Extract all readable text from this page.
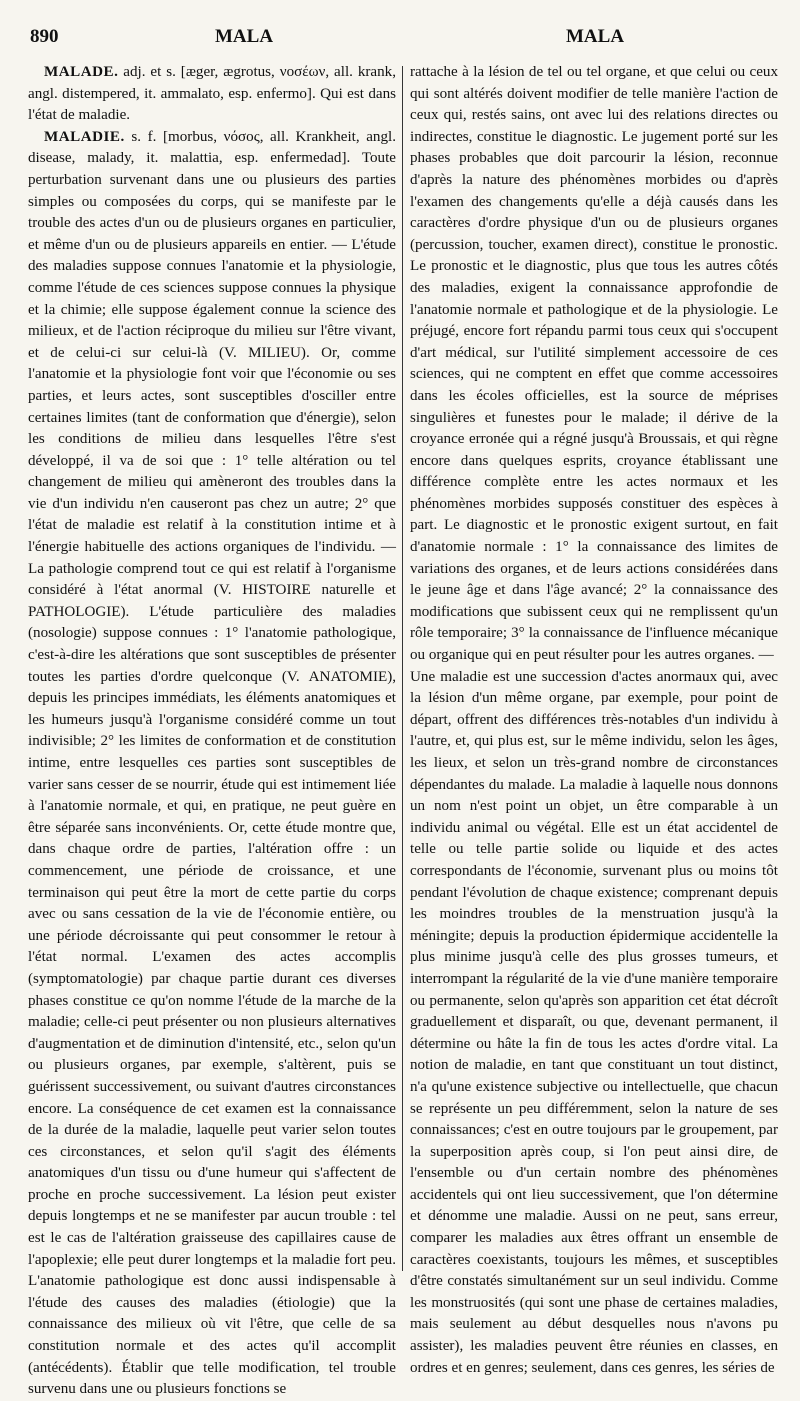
890	MALA	MALA

MALADE. adj. et s. [æger, ægrotus, νοσέων, all. krank, angl. distempered, it. ammalato, esp. enfermo]. Qui est dans l'état de maladie.

MALADIE. s. f. [morbus, νόσος, all. Krankheit, angl. disease, malady, it. malattia, esp. enfermedad]. Toute perturbation survenant dans une ou plusieurs des parties simples ou composées du corps, qui se manifeste par le trouble des actes d'un ou de plusieurs organes en particulier, et même d'un ou de plusieurs appareils en entier. — L'étude des maladies suppose connues l'anatomie et la physiologie, comme l'étude de ces sciences suppose connues la physique et la chimie; elle suppose également connue la science des milieux, et de l'action réciproque du milieu sur l'être vivant, et de celui-ci sur celui-là (V. MILIEU). Or, comme l'anatomie et la physiologie font voir que l'économie ou ses parties, et leurs actes, sont susceptibles d'osciller entre certaines limites (tant de conformation que d'énergie), selon les conditions de milieu dans lesquelles l'être s'est développé, il va de soi que : 1° telle altération ou tel changement de milieu qui amèneront des troubles dans la vie d'un individu n'en causeront pas chez un autre; 2° que l'état de maladie est relatif à la constitution intime et à l'énergie habituelle des actions organiques de l'individu. — La pathologie comprend tout ce qui est relatif à l'organisme considéré à l'état anormal (V. HISTOIRE naturelle et PATHOLOGIE). L'étude particulière des maladies (nosologie) suppose connues : 1° l'anatomie pathologique, c'est-à-dire les altérations que sont susceptibles de présenter toutes les parties d'ordre quelconque (V. ANATOMIE), depuis les principes immédiats, les éléments anatomiques et les humeurs jusqu'à l'organisme considéré comme un tout indivisible; 2° les limites de conformation et de constitution intime, entre lesquelles ces parties sont susceptibles de varier sans cesser de se nourrir, étude qui est intimement liée à l'anatomie normale, et qui, en pratique, ne peut guère en être séparée sans inconvénients. Or, cette étude montre que, dans chaque ordre de parties, l'altération offre : un commencement, une période de croissance, et une terminaison qui peut être la mort de cette partie du corps avec ou sans cessation de la vie de l'économie entière, ou une période décroissante qui peut consommer le retour à l'état normal. L'examen des actes accomplis (symptomatologie) par chaque partie durant ces diverses phases constitue ce qu'on nomme l'étude de la marche de la maladie; celle-ci peut présenter ou non plusieurs alternatives d'augmentation et de diminution d'intensité, etc., selon qu'un ou plusieurs organes, par exemple, s'altèrent, puis se guérissent successivement, ou suivant d'autres circonstances encore. La conséquence de cet examen est la connaissance de la durée de la maladie, laquelle peut varier selon toutes ces circonstances, et selon qu'il s'agit des éléments anatomiques d'un tissu ou d'une humeur qui s'affectent de proche en proche successivement. La lésion peut exister depuis longtemps et ne se manifester par aucun trouble : tel est le cas de l'altération graisseuse des capillaires cause de l'apoplexie; elle peut durer longtemps et la maladie fort peu. L'anatomie pathologique est donc aussi indispensable à l'étude des causes des maladies (étiologie) que la connaissance des milieux où vit l'être, que celle de sa constitution normale et des actes qu'il accomplit (antécédents). Établir que telle modification, tel trouble survenu dans une ou plusieurs fonctions se

rattache à la lésion de tel ou tel organe, et que celui ou ceux qui sont altérés doivent modifier de telle manière l'action de ceux qui, restés sains, ont avec lui des relations directes ou indirectes, constitue le diagnostic. Le jugement porté sur les phases probables que doit parcourir la lésion, reconnue d'après la nature des phénomènes morbides ou d'après l'examen des changements qu'elle a déjà causés dans les caractères d'ordre physique d'un ou de plusieurs organes (percussion, toucher, examen direct), constitue le pronostic. Le pronostic et le diagnostic, plus que tous les autres côtés des maladies, exigent la connaissance approfondie de l'anatomie normale et pathologique et de la physiologie. Le préjugé, encore fort répandu parmi tous ceux qui s'occupent d'art médical, sur l'utilité simplement accessoire de ces sciences, qui ne comptent en effet que comme accessoires dans les écoles officielles, est la source de méprises singulières et funestes pour le malade; il dérive de la croyance erronée qui a régné jusqu'à Broussais, et qui règne encore dans quelques esprits, croyance établissant une différence complète entre les actes normaux et les phénomènes morbides supposés constituer des espèces à part. Le diagnostic et le pronostic exigent surtout, en fait d'anatomie normale : 1° la connaissance des limites de variations des organes, et de leurs actions considérées dans le jeune âge et dans l'âge avancé; 2° la connaissance des modifications que subissent ceux qui ne remplissent qu'un rôle temporaire; 3° la connaissance de l'influence mécanique ou organique qui en peut résulter pour les autres organes. —

Une maladie est une succession d'actes anormaux qui, avec la lésion d'un même organe, par exemple, pour point de départ, offrent des différences très-notables d'un individu à l'autre, et, qui plus est, sur le même individu, selon les âges, les lieux, et selon un très-grand nombre de circonstances dépendantes du malade. La maladie à laquelle nous donnons un nom n'est point un objet, un être comparable à un individu animal ou végétal. Elle est un état accidentel de telle ou telle partie solide ou liquide et des actes correspondants de l'économie, survenant plus ou moins tôt pendant l'évolution de chaque existence; comprenant depuis les moindres troubles de la menstruation jusqu'à la méningite; depuis la production épidermique accidentelle la plus minime jusqu'à celle des plus grosses tumeurs, et interrompant la régularité de la vie d'une manière temporaire ou permanente, selon qu'après son apparition cet état décroît graduellement et disparaît, ou que, devenant permanent, il détermine ou hâte la fin de tous les actes d'ordre vital. La notion de maladie, en tant que constituant un tout distinct, n'a qu'une existence subjective ou intellectuelle, que chacun se représente un peu différemment, selon la nature de ses connaissances; c'est en outre toujours par le groupement, par la superposition après coup, si l'on peut ainsi dire, de l'ensemble ou d'un certain nombre des phénomènes accidentels qui ont lieu successivement, que l'on détermine et dénomme une maladie. Aussi on ne peut, sans erreur, comparer les maladies aux êtres offrant un ensemble de caractères coexistants, toujours les mêmes, et susceptibles d'être constatés simultanément sur un seul individu. Comme les monstruosités (qui sont une phase de certaines maladies, mais seulement au début desquelles nous n'avons pu assister), les maladies peuvent être réunies en classes, en ordres et en genres; seulement, dans ces genres, les séries de
